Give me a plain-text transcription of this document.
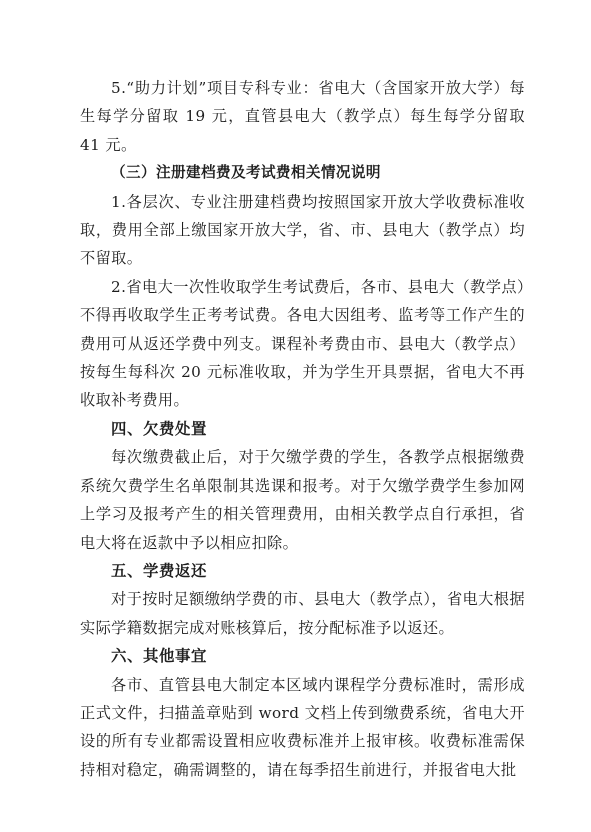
5.“助力计划”项目专科专业：省电大（含国家开放大学）每生每学分留取 19 元，直管县电大（教学点）每生每学分留取 41 元。

（三）注册建档费及考试费相关情况说明

1.各层次、专业注册建档费均按照国家开放大学收费标准收取，费用全部上缴国家开放大学，省、市、县电大（教学点）均不留取。

2.省电大一次性收取学生考试费后，各市、县电大（教学点）不得再收取学生正考考试费。各电大因组考、监考等工作产生的费用可从返还学费中列支。课程补考费由市、县电大（教学点）按每生每科次 20 元标准收取，并为学生开具票据，省电大不再收取补考费用。

四、欠费处置

每次缴费截止后，对于欠缴学费的学生，各教学点根据缴费系统欠费学生名单限制其选课和报考。对于欠缴学费学生参加网上学习及报考产生的相关管理费用，由相关教学点自行承担，省电大将在返款中予以相应扣除。

五、学费返还

对于按时足额缴纳学费的市、县电大（教学点），省电大根据实际学籍数据完成对账核算后，按分配标准予以返还。

六、其他事宜

各市、直管县电大制定本区域内课程学分费标准时，需形成正式文件，扫描盖章贴到 word 文档上传到缴费系统，省电大开设的所有专业都需设置相应收费标准并上报审核。收费标准需保持相对稳定，确需调整的，请在每季招生前进行，并报省电大批
